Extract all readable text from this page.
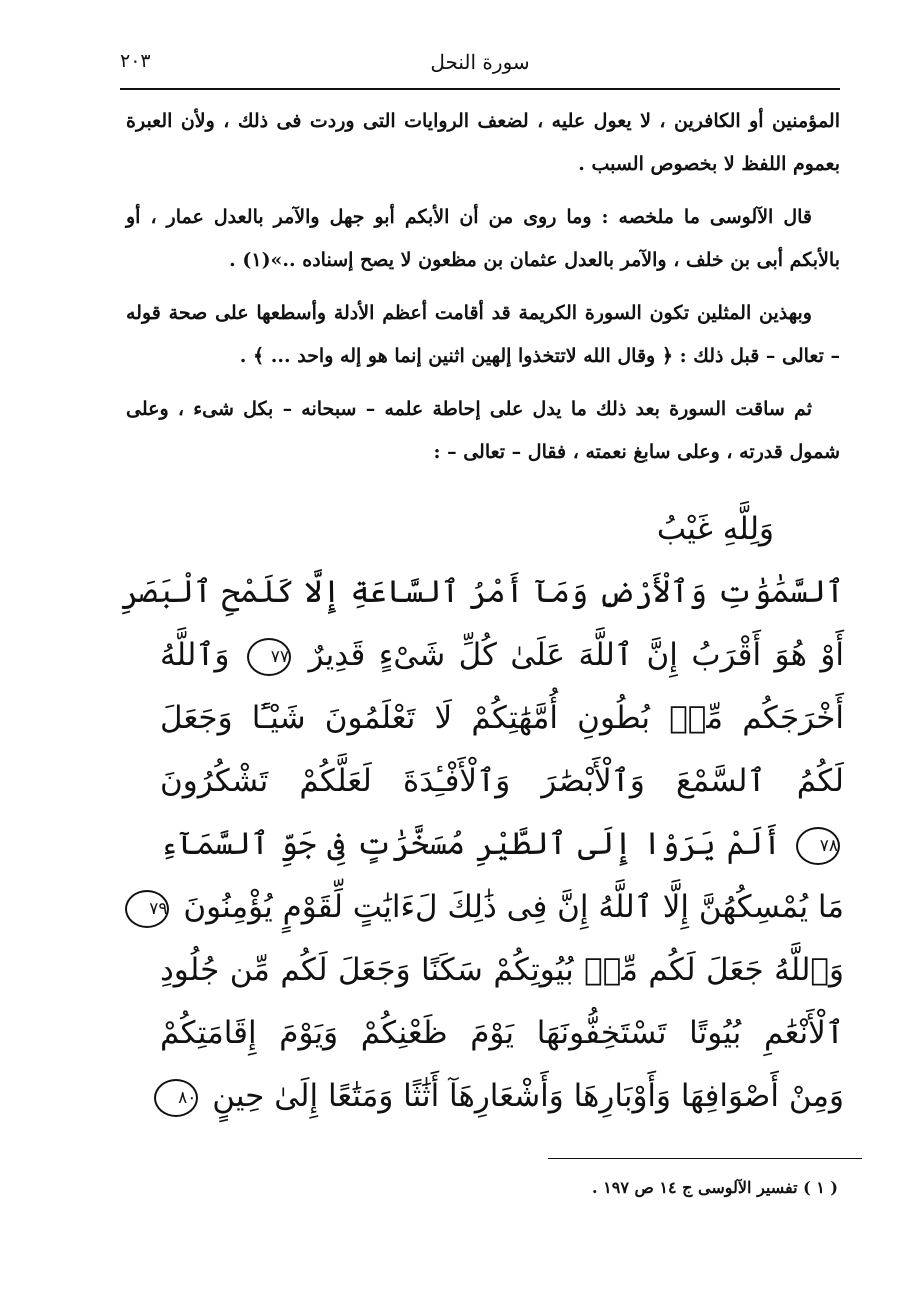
٢٠٣	سورة النحل

المؤمنين أو الكافرين ، لا يعول عليه ، لضعف الروايات التى وردت فى ذلك ، ولأن العبرة بعموم اللفظ لا بخصوص السبب .

قال الآلوسى ما ملخصه : وما روى من أن الأبكم أبو جهل والآمر بالعدل عمار ، أو بالأبكم أبى بن خلف ، والآمر بالعدل عثمان بن مظعون لا يصح إسناده ..»(١) .

وبهذين المثلين تكون السورة الكريمة قد أقامت أعظم الأدلة وأسطعها على صحة قوله – تعالى – قبل ذلك : ﴿ وقال الله لاتتخذوا إلهين اثنين إنما هو إله واحد ... ﴾ .

ثم ساقت السورة بعد ذلك ما يدل على إحاطة علمه – سبحانه – بكل شىء ، وعلى شمول قدرته ، وعلى سابغ نعمته ، فقال – تعالى – :

وَلِلَّهِ غَيْبُ
ٱلسَّمَٰوَٰتِ وَٱلْأَرْضِ وَمَآ أَمْرُ ٱلسَّاعَةِ إِلَّا كَلَمْحِ ٱلْبَصَرِ
أَوْ هُوَ أَقْرَبُ إِنَّ ٱللَّهَ عَلَىٰ كُلِّ شَىْءٍ قَدِيرٌ ٧٧ وَٱللَّهُ
أَخْرَجَكُم مِّنۢ بُطُونِ أُمَّهَٰتِكُمْ لَا تَعْلَمُونَ شَيْـًٔا وَجَعَلَ
لَكُمُ ٱلسَّمْعَ وَٱلْأَبْصَٰرَ وَٱلْأَفْـِٔدَةَ لَعَلَّكُمْ تَشْكُرُونَ
٧٨ أَلَمْ يَرَوْا إِلَى ٱلطَّيْرِ مُسَخَّرَٰتٍ فِى جَوِّ ٱلسَّمَآءِ
مَا يُمْسِكُهُنَّ إِلَّا ٱللَّهُ إِنَّ فِى ذَٰلِكَ لَءَايَٰتٍ لِّقَوْمٍ يُؤْمِنُونَ ٧٩
وَٱللَّهُ جَعَلَ لَكُم مِّنۢ بُيُوتِكُمْ سَكَنًا وَجَعَلَ لَكُم مِّن جُلُودِ
ٱلْأَنْعَٰمِ بُيُوتًا تَسْتَخِفُّونَهَا يَوْمَ ظَعْنِكُمْ وَيَوْمَ إِقَامَتِكُمْ
وَمِنْ أَصْوَافِهَا وَأَوْبَارِهَا وَأَشْعَارِهَآ أَثَٰثًا وَمَتَٰعًا إِلَىٰ حِينٍ ٨٠
( ١ ) تفسير الآلوسى ج ١٤ ص ١٩٧ .
